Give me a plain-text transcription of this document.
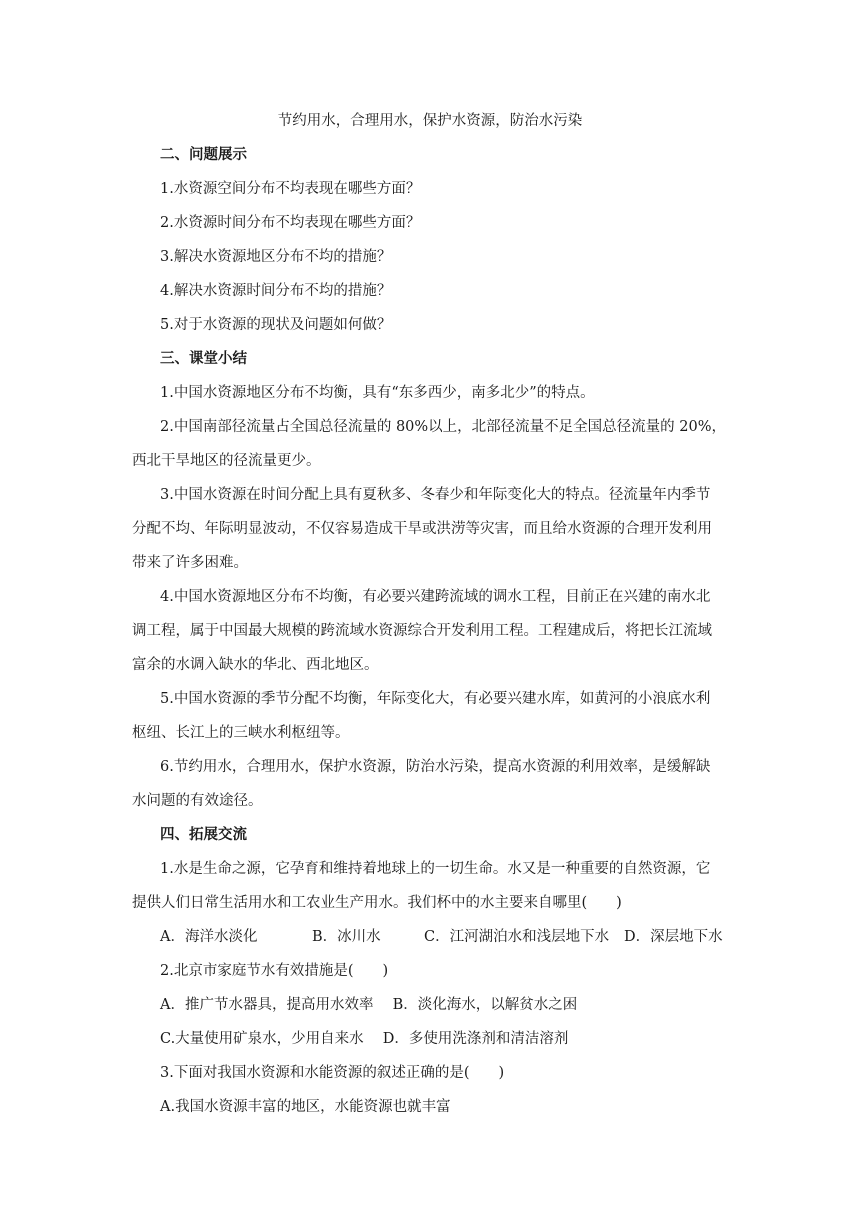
节约用水，合理用水，保护水资源，防治水污染
二、问题展示
1.水资源空间分布不均表现在哪些方面？
2.水资源时间分布不均表现在哪些方面？
3.解决水资源地区分布不均的措施？
4.解决水资源时间分布不均的措施？
5.对于水资源的现状及问题如何做？
三、课堂小结
1.中国水资源地区分布不均衡，具有“东多西少，南多北少”的特点。
2.中国南部径流量占全国总径流量的 80%以上，北部径流量不足全国总径流量的 20%，
西北干旱地区的径流量更少。
3.中国水资源在时间分配上具有夏秋多、冬春少和年际变化大的特点。径流量年内季节
分配不均、年际明显波动，不仅容易造成干旱或洪涝等灾害，而且给水资源的合理开发利用
带来了许多困难。
4.中国水资源地区分布不均衡，有必要兴建跨流域的调水工程，目前正在兴建的南水北
调工程，属于中国最大规模的跨流域水资源综合开发利用工程。工程建成后，将把长江流域
富余的水调入缺水的华北、西北地区。
5.中国水资源的季节分配不均衡，年际变化大，有必要兴建水库，如黄河的小浪底水利
枢纽、长江上的三峡水利枢纽等。
6.节约用水，合理用水，保护水资源，防治水污染，提高水资源的利用效率，是缓解缺
水问题的有效途径。
四、拓展交流
1.水是生命之源，它孕育和维持着地球上的一切生命。水又是一种重要的自然资源，它
提供人们日常生活用水和工农业生产用水。我们杯中的水主要来自哪里(　　)
A．海洋水淡化	B．冰川水	C．江河湖泊水和浅层地下水	D．深层地下水
2.北京市家庭节水有效措施是(　　)
A．推广节水器具，提高用水效率　 B．淡化海水，以解贫水之困
C.大量使用矿泉水，少用自来水　 D．多使用洗涤剂和清洁溶剂
3.下面对我国水资源和水能资源的叙述正确的是(　　)
A.我国水资源丰富的地区，水能资源也就丰富
